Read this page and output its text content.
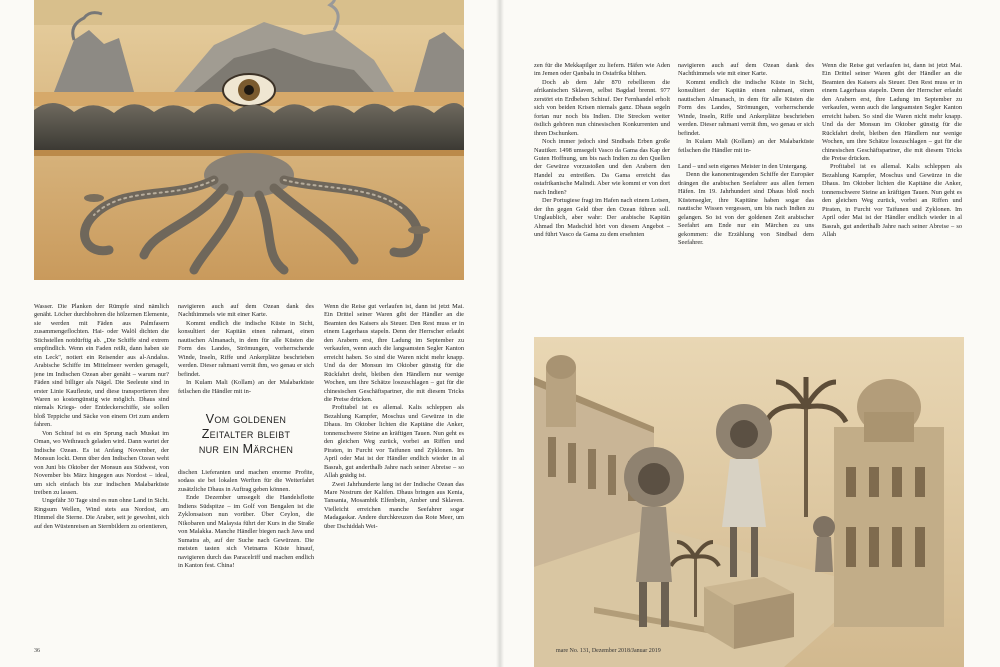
Wasser. Die Planken der Rümpfe sind nämlich genäht. Löcher durchbohren die hölzernen Elemente, sie werden mit Fäden aus Palmfasern zusammengeflochten. Hai- oder Walöl dichten die Stichstellen notdürftig ab. „Die Schiffe sind extrem empfindlich. Wenn ein Faden reißt, dann haben sie ein Leck", notiert ein Reisender aus al-Andalus. Arabische Schiffe im Mittelmeer werden genagelt, jene im Indischen Ozean aber genäht – warum nur? Fäden sind billiger als Nägel. Die Seeleute sind in erster Linie Kaufleute, und diese transportieren ihre Waren so kostengünstig wie möglich. Dhaus sind niemals Kriegs- oder Entdeckerschiffe, sie sollen bloß Teppiche und Säcke von einem Ort zum andern fahren.

Von Schiraf ist es ein Sprung nach Muskat im Oman, wo Weihrauch geladen wird. Dann wartet der Indische Ozean. Es ist Anfang November, der Monsun lockt. Denn über den Indischen Ozean weht von Juni bis Oktober der Monsun aus Südwest, von November bis März hingegen aus Nordost – ideal, um sich einfach bis zur indischen Malabarküste treiben zu lassen.

Ungefähr 30 Tage sind es nun ohne Land in Sicht. Ringsum Wellen, Wind stets aus Nordost, am Himmel die Sterne. Die Araber, seit je gewohnt, sich auf den Wüstenreisen an Sternbildern zu orientieren,

navigieren auch auf dem Ozean dank des Nachthimmels wie mit einer Karte.

Kommt endlich die indische Küste in Sicht, konsultiert der Kapitän einen rahmani, einen nautischen Almanach, in dem für alle Küsten die Form des Landes, Strömungen, vorherrschende Winde, Inseln, Riffe und Ankerplätze beschrieben werden. Dieser rahmani verrät ihm, wo genau er sich befindet.

In Kulam Mali (Kollam) an der Malabarküste feilschen die Händler mit in-

Vom goldenen
Zeitalter bleibt
nur ein Märchen

dischen Lieferanten und machen enorme Profite, sodass sie bei lokalen Werften für die Weiterfahrt zusätzliche Dhaus in Auftrag geben können.

Ende Dezember umsegelt die Handelsflotte Indiens Südspitze – im Golf von Bengalen ist die Zyklonsaison nun vorüber. Über Ceylon, die Nikobaren und Malaysia führt der Kurs in die Straße von Malakka. Manche Händler biegen nach Java und Sumatra ab, auf der Suche nach Gewürzen. Die meisten tasten sich Vietnams Küste hinauf, navigieren durch das Paracelriff und machen endlich in Kanton fest. China!

Wenn die Reise gut verlaufen ist, dann ist jetzt Mai. Ein Drittel seiner Waren gibt der Händler an die Beamten des Kaisers als Steuer. Den Rest muss er in einem Lagerhaus stapeln. Denn der Herrscher erlaubt den Arabern erst, ihre Ladung im September zu verkaufen, wenn auch die langsamsten Segler Kanton erreicht haben. So sind die Waren nicht mehr knapp. Und da der Monsun im Oktober günstig für die Rückfahrt dreht, bleiben den Händlern nur wenige Wochen, um ihre Schätze loszuschlagen – gut für die chinesischen Geschäftspartner, die mit diesem Tricks die Preise drücken.

Profitabel ist es allemal. Kalis schleppen als Bezahlung Kampfer, Moschus und Gewürze in die Dhaus. Im Oktober lichten die Kapitäne die Anker, tonnenschwere Steine an kräftigen Tauen. Nun geht es den gleichen Weg zurück, vorbei an Riffen und Piraten, in Furcht vor Taifunen und Zyklonen. Im April oder Mai ist der Händler endlich wieder in al Basrah, gut anderthalb Jahre nach seiner Abreise – so Allah gnädig ist.

Zwei Jahrhunderte lang ist der Indische Ozean das Mare Nostrum der Kalifen. Dhaus bringen aus Kenia, Tansania, Mosambik Elfenbein, Amber und Sklaven. Vielleicht erreichen manche Seefahrer sogar Madagaskar. Andere durchkreuzen das Rote Meer, um über Dschiddah Wei-

36

zen für die Mekkapilger zu liefern. Häfen wie Aden im Jemen oder Qanbalu in Ostafrika blühen.

Doch ab dem Jahr 870 rebellieren die afrikanischen Sklaven, selbst Bagdad brennt. 977 zerstört ein Erdbeben Schiraf. Der Fernhandel erholt sich von beiden Krisen niemals ganz. Dhaus segeln fortan nur noch bis Indien. Die Strecken weiter östlich gehören nun chinesischen Konkurrenten und ihren Dschunken.

Noch immer jedoch sind Sindbads Erben große Nautiker. 1498 umsegelt Vasco da Gama das Kap der Guten Hoffnung, um bis nach Indien zu den Quellen der Gewürze vorzustoßen und den Arabern den Handel zu entreißen. Da Gama erreicht das ostafrikanische Malindi. Aber wie kommt er von dort nach Indien?

Der Portugiese fragt im Hafen nach einem Lotsen, der ihn gegen Geld über den Ozean führen soll. Unglaublich, aber wahr: Der arabische Kapitän Ahmad Ibn Madschid hört von diesem Angebot – und führt Vasco da Gama zu dem ersehnten

navigieren auch auf dem Ozean dank des Nachthimmels wie mit einer Karte.

Kommt endlich die indische Küste in Sicht, konsultiert der Kapitän einen rahmani, einen nautischen Almanach, in dem für alle Küsten die Form des Landes, Strömungen, vorherrschende Winde, Inseln, Riffe und Ankerplätze beschrieben werden. Dieser rahmani verrät ihm, wo genau er sich befindet.

In Kulam Mali (Kollam) an der Malabarküste feilschen die Händler mit in-

Land – und sein eigenes Meister in den Untergang.

Denn die kanonentragenden Schiffe der Europäer drängen die arabischen Seefahrer aus allen fernen Häfen. Im 19. Jahrhundert sind Dhaus bloß noch Küstensegler, ihre Kapitäne haben sogar das nautische Wissen vergessen, um bis nach Indien zu gelangen. So ist von der goldenen Zeit arabischer Seefahrt am Ende nur ein Märchen zu uns gekommen: die Erzählung von Sindbad dem Seefahrer.

Wenn die Reise gut verlaufen ist, dann ist jetzt Mai. Ein Drittel seiner Waren gibt der Händler an die Beamten des Kaisers als Steuer. Den Rest muss er in einem Lagerhaus stapeln. Denn der Herrscher erlaubt den Arabern erst, ihre Ladung im September zu verkaufen, wenn auch die langsamsten Segler Kanton erreicht haben. So sind die Waren nicht mehr knapp. Und da der Monsun im Oktober günstig für die Rückfahrt dreht, bleiben den Händlern nur wenige Wochen, um ihre Schätze loszuschlagen – gut für die chinesischen Geschäftspartner, die mit diesem Tricks die Preise drücken.

Profitabel ist es allemal. Kalis schleppen als Bezahlung Kampfer, Moschus und Gewürze in die Dhaus. Im Oktober lichten die Kapitäne die Anker, tonnenschwere Steine an kräftigen Tauen. Nun geht es den gleichen Weg zurück, vorbei an Riffen und Piraten, in Furcht vor Taifunen und Zyklonen. Im April oder Mai ist der Händler endlich wieder in al Basrah, gut anderthalb Jahre nach seiner Abreise – so Allah

mare No. 131, Dezember 2018/Januar 2019
